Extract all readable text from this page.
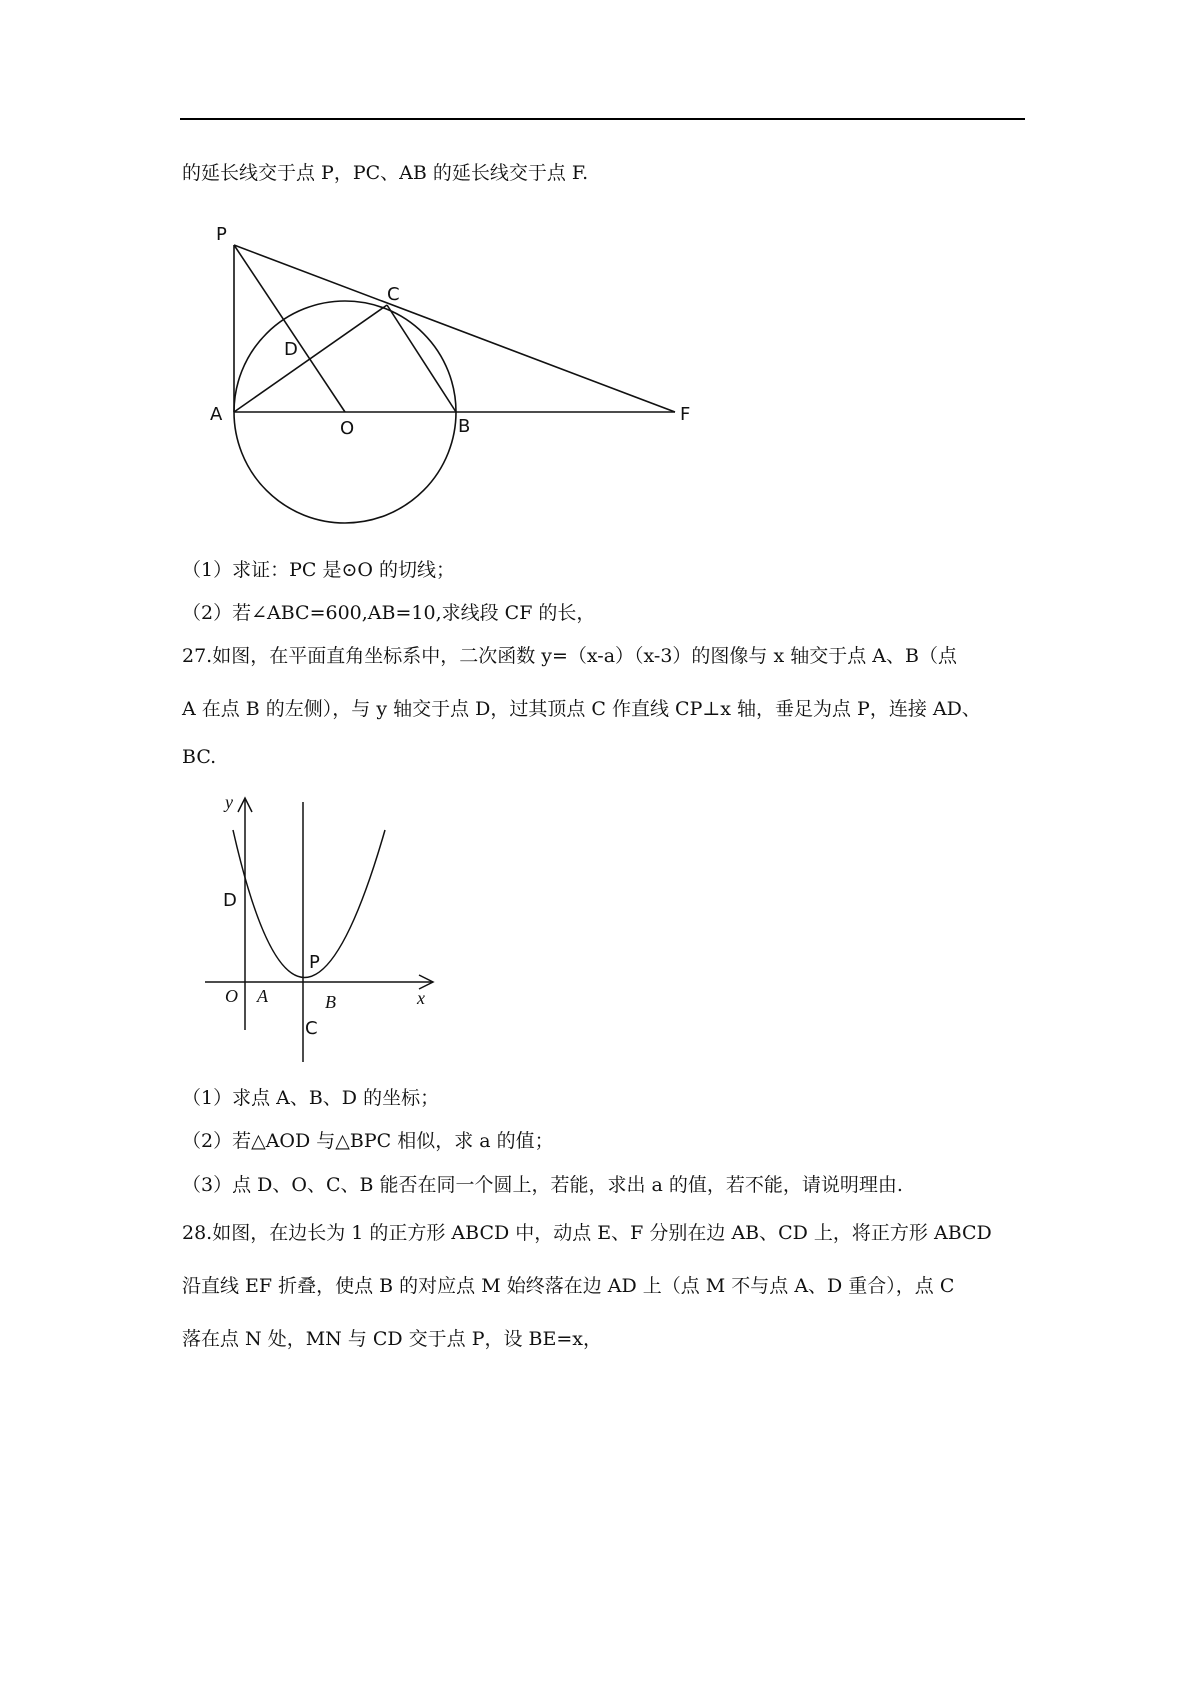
的延长线交于点 P，PC、AB 的延长线交于点 F.
P
C
D
A
O	B
F
（1）求证：PC 是⊙O 的切线；
（2）若∠ABC=600,AB=10,求线段 CF 的长，
27.如图，在平面直角坐标系中，二次函数 y=（x-a）（x-3）的图像与 x 轴交于点 A、B（点
A 在点 B 的左侧），与 y 轴交于点 D，过其顶点 C 作直线 CP⊥x 轴，垂足为点 P，连接 AD、
BC.
y
x
D
P
O A	B
C
（1）求点 A、B、D 的坐标；
（2）若△AOD 与△BPC 相似，求 a 的值；
（3）点 D、O、C、B 能否在同一个圆上，若能，求出 a 的值，若不能，请说明理由.
28.如图，在边长为 1 的正方形 ABCD 中，动点 E、F 分别在边 AB、CD 上，将正方形 ABCD
沿直线 EF 折叠，使点 B 的对应点 M 始终落在边 AD 上（点 M 不与点 A、D 重合），点 C
落在点 N 处，MN 与 CD 交于点 P，设 BE=x，
